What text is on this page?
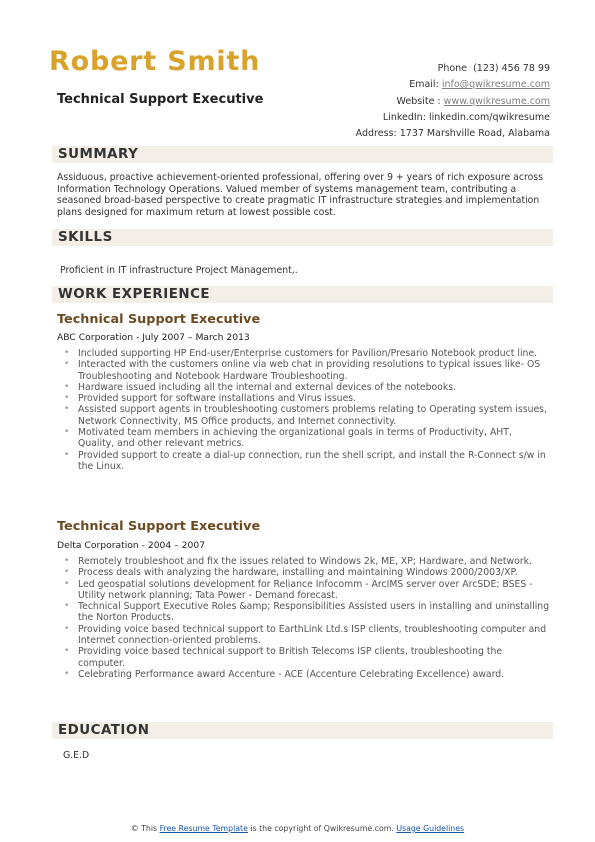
Robert Smith
Technical Support Executive
Phone (123) 456 78 99
Email: info@qwikresume.com
Website : www.qwikresume.com
LinkedIn: linkedin.com/qwikresume
Address: 1737 Marshville Road, Alabama
SUMMARY
Assiduous, proactive achievement-oriented professional, offering over 9 + years of rich exposure across Information Technology Operations. Valued member of systems management team, contributing a seasoned broad-based perspective to create pragmatic IT infrastructure strategies and implementation plans designed for maximum return at lowest possible cost.
SKILLS
Proficient in IT infrastructure Project Management,.
WORK EXPERIENCE
Technical Support Executive
ABC Corporation - July 2007 – March 2013
• Included supporting HP End-user/Enterprise customers for Pavilion/Presario Notebook product line.
• Interacted with the customers online via web chat in providing resolutions to typical issues like- OS Troubleshooting and Notebook Hardware Troubleshooting.
• Hardware issued including all the internal and external devices of the notebooks.
• Provided support for software installations and Virus issues.
• Assisted support agents in troubleshooting customers problems relating to Operating system issues, Network Connectivity, MS Office products, and Internet connectivity.
• Motivated team members in achieving the organizational goals in terms of Productivity, AHT, Quality, and other relevant metrics.
• Provided support to create a dial-up connection, run the shell script, and install the R-Connect s/w in the Linux.
Technical Support Executive
Delta Corporation - 2004 – 2007
• Remotely troubleshoot and fix the issues related to Windows 2k, ME, XP; Hardware, and Network.
• Process deals with analyzing the hardware, installing and maintaining Windows 2000/2003/XP.
• Led geospatial solutions development for Reliance Infocomm - ArcIMS server over ArcSDE; BSES - Utility network planning; Tata Power - Demand forecast.
• Technical Support Executive Roles &amp; Responsibilities Assisted users in installing and uninstalling the Norton Products.
• Providing voice based technical support to EarthLink Ltd.s ISP clients, troubleshooting computer and Internet connection-oriented problems.
• Providing voice based technical support to British Telecoms ISP clients, troubleshooting the computer.
• Celebrating Performance award Accenture - ACE (Accenture Celebrating Excellence) award.
EDUCATION
G.E.D
© This Free Resume Template is the copyright of Qwikresume.com. Usage Guidelines
